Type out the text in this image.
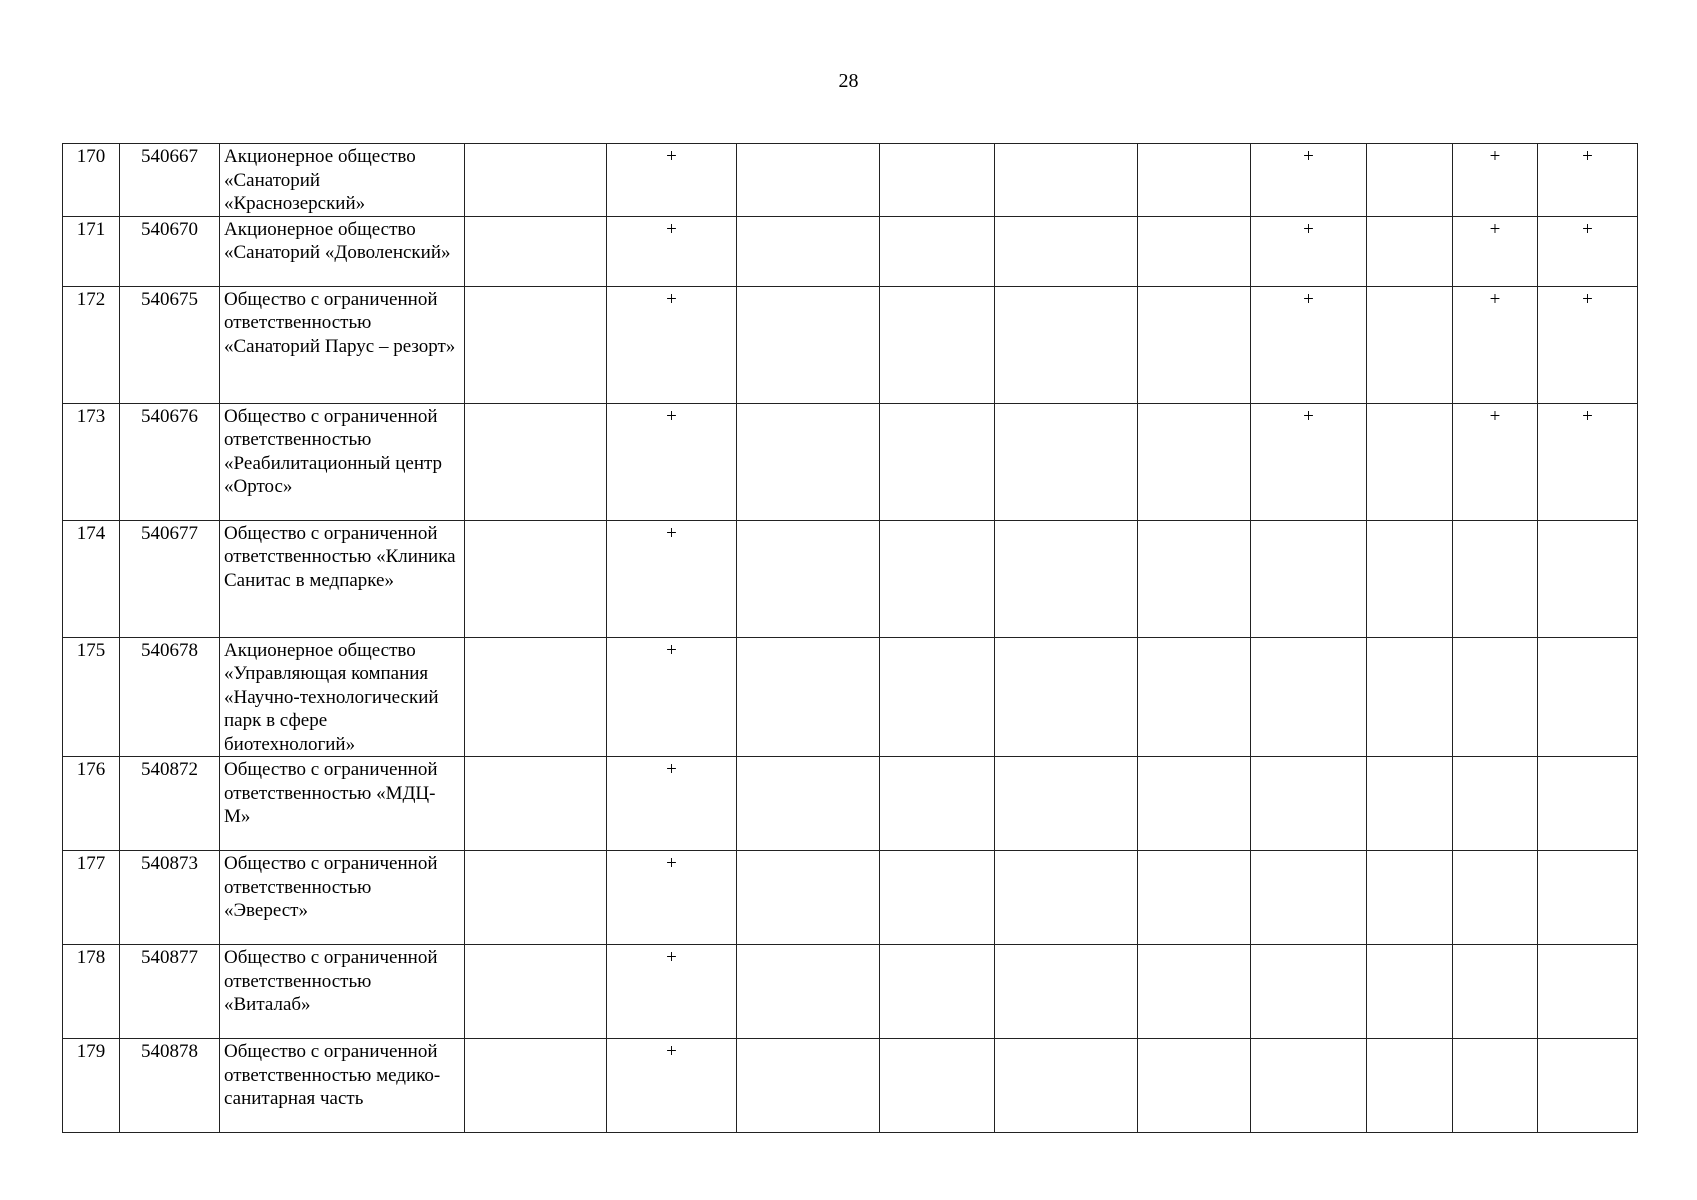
28
170	540667	Акционерное общество «Санаторий «Краснозерский»		+					+		+	+
171	540670	Акционерное общество «Санаторий «Доволенский»		+					+		+	+
172	540675	Общество с ограниченной ответственностью «Санаторий Парус – резорт»		+					+		+	+
173	540676	Общество с ограниченной ответственностью «Реабилитационный центр «Ортос»		+					+		+	+
174	540677	Общество с ограниченной ответственностью «Клиника Санитас в медпарке»		+								
175	540678	Акционерное общество «Управляющая компания «Научно-технологический парк в сфере биотехнологий»		+								
176	540872	Общество с ограниченной ответственностью «МДЦ-М»		+								
177	540873	Общество с ограниченной ответственностью «Эверест»		+								
178	540877	Общество с ограниченной ответственностью «Виталаб»		+								
179	540878	Общество с ограниченной ответственностью медико-санитарная часть		+								
